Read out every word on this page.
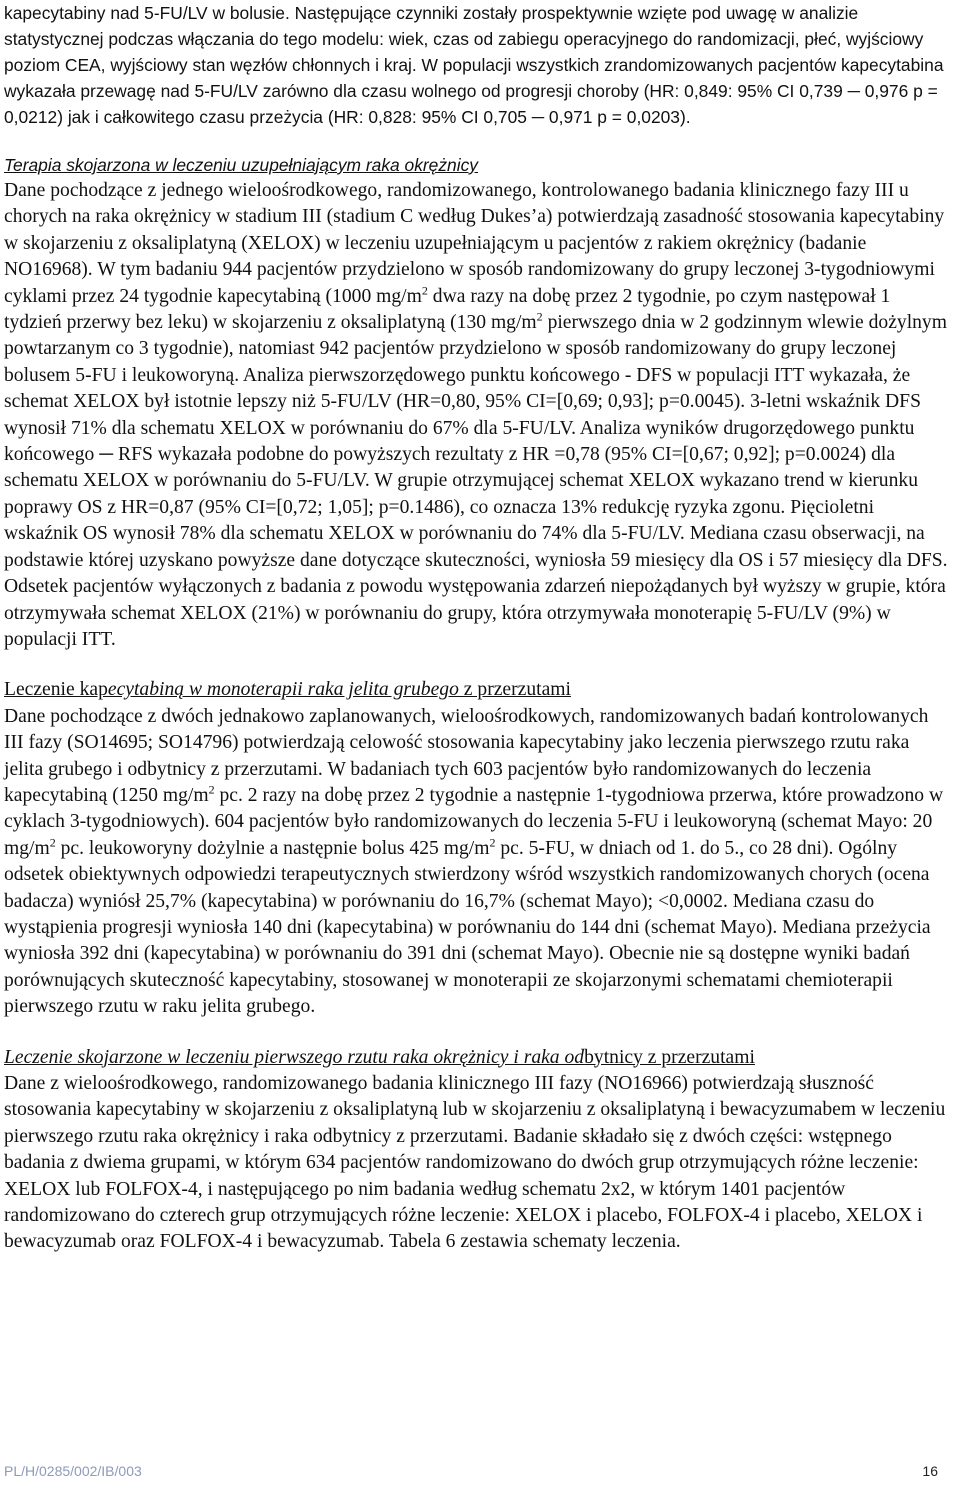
kapecytabiny nad 5-FU/LV w bolusie. Następujące czynniki zostały prospektywnie wzięte pod uwagę w analizie statystycznej podczas włączania do tego modelu: wiek, czas od zabiegu operacyjnego do randomizacji, płeć, wyjściowy poziom CEA, wyjściowy stan węzłów chłonnych i kraj. W populacji wszystkich zrandomizowanych pacjentów kapecytabina wykazała przewagę nad 5-FU/LV zarówno dla czasu wolnego od progresji choroby (HR: 0,849: 95% CI 0,739 ─ 0,976 p = 0,0212) jak i całkowitego czasu przeżycia (HR: 0,828: 95% CI 0,705 ─ 0,971 p = 0,0203).

Terapia skojarzona w leczeniu uzupełniającym raka okrężnicy

Dane pochodzące z jednego wieloośrodkowego, randomizowanego, kontrolowanego badania klinicznego fazy III u chorych na raka okrężnicy w stadium III (stadium C według Dukes’a) potwierdzają zasadność stosowania kapecytabiny w skojarzeniu z oksaliplatyną (XELOX) w leczeniu uzupełniającym u pacjentów z rakiem okrężnicy (badanie NO16968). W tym badaniu 944 pacjentów przydzielono w sposób randomizowany do grupy leczonej 3-tygodniowymi cyklami przez 24 tygodnie kapecytabiną (1000 $mg/m^2$ dwa razy na dobę przez 2 tygodnie, po czym następował 1 tydzień przerwy bez leku) w skojarzeniu z oksaliplatyną (130 $mg/m^2$ pierwszego dnia w 2 godzinnym wlewie dożylnym powtarzanym co 3 tygodnie), natomiast 942 pacjentów przydzielono w sposób randomizowany do grupy leczonej bolusem 5-FU i leukoworyną. Analiza pierwszorzędowego punktu końcowego - DFS w populacji ITT wykazała, że schemat XELOX był istotnie lepszy niż 5-FU/LV (HR=0,80, 95% CI=[0,69; 0,93]; p=0.0045). 3-letni wskaźnik DFS wynosił 71% dla schematu XELOX w porównaniu do 67% dla 5-FU/LV. Analiza wyników drugorzędowego punktu końcowego ─ RFS wykazała podobne do powyższych rezultaty z HR =0,78 (95% CI=[0,67; 0,92]; p=0.0024) dla schematu XELOX w porównaniu do 5-FU/LV. W grupie otrzymującej schemat XELOX wykazano trend w kierunku poprawy OS z HR=0,87 (95% CI=[0,72; 1,05]; p=0.1486), co oznacza 13% redukcję ryzyka zgonu. Pięcioletni wskaźnik OS wynosił 78% dla schematu XELOX w porównaniu do 74% dla 5-FU/LV. Mediana czasu obserwacji, na podstawie której uzyskano powyższe dane dotyczące skuteczności, wyniosła 59 miesięcy dla OS i 57 miesięcy dla DFS. Odsetek pacjentów wyłączonych z badania z powodu występowania zdarzeń niepożądanych był wyższy w grupie, która otrzymywała schemat XELOX (21%) w porównaniu do grupy, która otrzymywała monoterapię 5-FU/LV (9%) w populacji ITT.

Leczenie kapecytabiną w monoterapii raka jelita grubego z przerzutami

Dane pochodzące z dwóch jednakowo zaplanowanych, wieloośrodkowych, randomizowanych badań kontrolowanych III fazy (SO14695; SO14796) potwierdzają celowość stosowania kapecytabiny jako leczenia pierwszego rzutu raka jelita grubego i odbytnicy z przerzutami. W badaniach tych 603 pacjentów było randomizowanych do leczenia kapecytabiną (1250 $mg/m^2$ pc. 2 razy na dobę przez 2 tygodnie a następnie 1-tygodniowa przerwa, które prowadzono w cyklach 3-tygodniowych). 604 pacjentów było randomizowanych do leczenia 5-FU i leukoworyną (schemat Mayo: 20 $mg/m^2$ pc. leukoworyny dożylnie a następnie bolus 425 $mg/m^2$ pc. 5-FU, w dniach od 1. do 5., co 28 dni). Ogólny odsetek obiektywnych odpowiedzi terapeutycznych stwierdzony wśród wszystkich randomizowanych chorych (ocena badacza) wyniósł 25,7% (kapecytabina) w porównaniu do 16,7% (schemat Mayo); <0,0002. Mediana czasu do wystąpienia progresji wyniosła 140 dni (kapecytabina) w porównaniu do 144 dni (schemat Mayo). Mediana przeżycia wyniosła 392 dni (kapecytabina) w porównaniu do 391 dni (schemat Mayo). Obecnie nie są dostępne wyniki badań porównujących skuteczność kapecytabiny, stosowanej w monoterapii ze skojarzonymi schematami chemioterapii pierwszego rzutu w raku jelita grubego.

Leczenie skojarzone w leczeniu pierwszego rzutu raka okrężnicy i raka odbytnicy z przerzutami

Dane z wieloośrodkowego, randomizowanego badania klinicznego III fazy (NO16966) potwierdzają słuszność stosowania kapecytabiny w skojarzeniu z oksaliplatyną lub w skojarzeniu z oksaliplatyną i bewacyzumabem w leczeniu pierwszego rzutu raka okrężnicy i raka odbytnicy z przerzutami. Badanie składało się z dwóch części: wstępnego badania z dwiema grupami, w którym 634 pacjentów randomizowano do dwóch grup otrzymujących różne leczenie: XELOX lub FOLFOX-4, i następującego po nim badania według schematu 2x2, w którym 1401 pacjentów randomizowano do czterech grup otrzymujących różne leczenie: XELOX i placebo, FOLFOX-4 i placebo, XELOX i bewacyzumab oraz FOLFOX-4 i bewacyzumab. Tabela 6 zestawia schematy leczenia.

PL/H/0285/002/IB/003	16
